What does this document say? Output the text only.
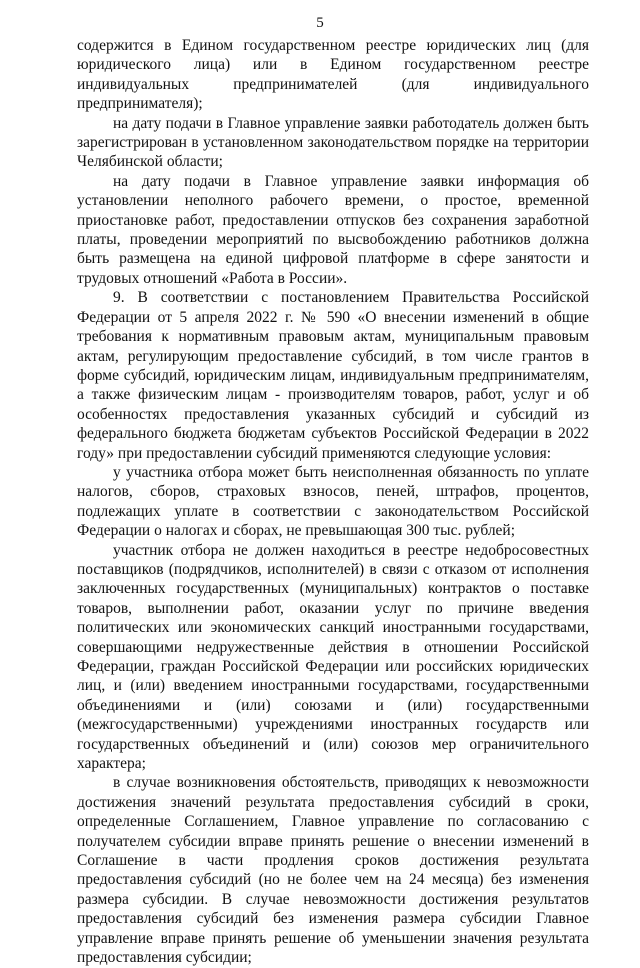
5

содержится в Едином государственном реестре юридических лиц (для юридического лица) или в Едином государственном реестре индивидуальных предпринимателей (для индивидуального предпринимателя);

на дату подачи в Главное управление заявки работодатель должен быть зарегистрирован в установленном законодательством порядке на территории Челябинской области;

на дату подачи в Главное управление заявки информация об установлении неполного рабочего времени, о простое, временной приостановке работ, предоставлении отпусков без сохранения заработной платы, проведении мероприятий по высвобождению работников должна быть размещена на единой цифровой платформе в сфере занятости и трудовых отношений «Работа в России».

9. В соответствии с постановлением Правительства Российской Федерации от 5 апреля 2022 г. № 590 «О внесении изменений в общие требования к нормативным правовым актам, муниципальным правовым актам, регулирующим предоставление субсидий, в том числе грантов в форме субсидий, юридическим лицам, индивидуальным предпринимателям, а также физическим лицам - производителям товаров, работ, услуг и об особенностях предоставления указанных субсидий и субсидий из федерального бюджета бюджетам субъектов Российской Федерации в 2022 году» при предоставлении субсидий применяются следующие условия:

у участника отбора может быть неисполненная обязанность по уплате налогов, сборов, страховых взносов, пеней, штрафов, процентов, подлежащих уплате в соответствии с законодательством Российской Федерации о налогах и сборах, не превышающая 300 тыс. рублей;

участник отбора не должен находиться в реестре недобросовестных поставщиков (подрядчиков, исполнителей) в связи с отказом от исполнения заключенных государственных (муниципальных) контрактов о поставке товаров, выполнении работ, оказании услуг по причине введения политических или экономических санкций иностранными государствами, совершающими недружественные действия в отношении Российской Федерации, граждан Российской Федерации или российских юридических лиц, и (или) введением иностранными государствами, государственными объединениями и (или) союзами и (или) государственными (межгосударственными) учреждениями иностранных государств или государственных объединений и (или) союзов мер ограничительного характера;

в случае возникновения обстоятельств, приводящих к невозможности достижения значений результата предоставления субсидий в сроки, определенные Соглашением, Главное управление по согласованию с получателем субсидии вправе принять решение о внесении изменений в Соглашение в части продления сроков достижения результата предоставления субсидий (но не более чем на 24 месяца) без изменения размера субсидии. В случае невозможности достижения результатов предоставления субсидий без изменения размера субсидии Главное управление вправе принять решение об уменьшении значения результата предоставления субсидии;
